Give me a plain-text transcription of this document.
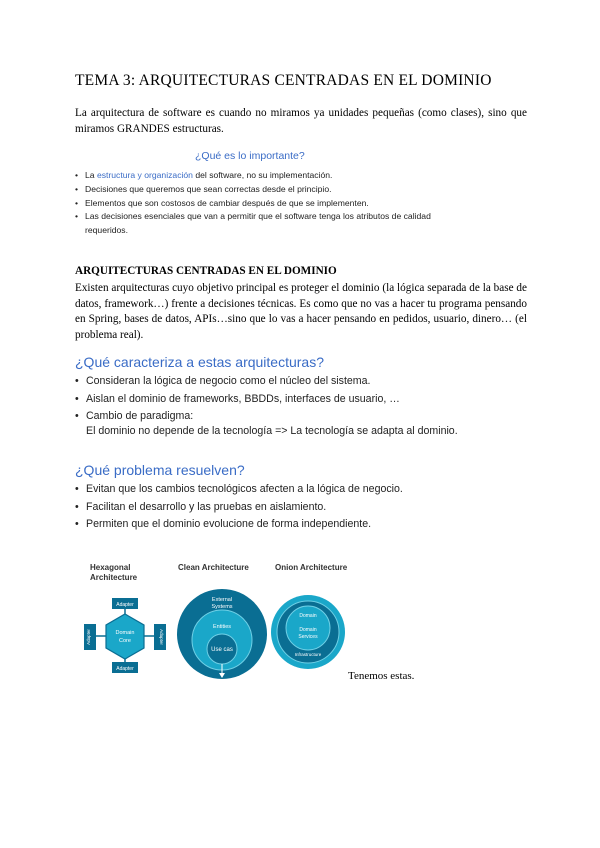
TEMA 3: ARQUITECTURAS CENTRADAS EN EL DOMINIO

La arquitectura de software es cuando no miramos ya unidades pequeñas (como clases), sino que miramos GRANDES estructuras.

¿Qué es lo importante?
• La estructura y organización del software, no su implementación.
• Decisiones que queremos que sean correctas desde el principio.
• Elementos que son costosos de cambiar después de que se implementen.
• Las decisiones esenciales que van a permitir que el software tenga los atributos de calidad requeridos.
ARQUITECTURAS CENTRADAS EN EL DOMINIO

Existen arquitecturas cuyo objetivo principal es proteger el dominio (la lógica separada de la base de datos, framework…) frente a decisiones técnicas. Es como que no vas a hacer tu programa pensando en Spring, bases de datos, APIs…sino que lo vas a hacer pensando en pedidos, usuario, dinero… (el problema real).

¿Qué caracteriza a estas arquitecturas?

• Consideran la lógica de negocio como el núcleo del sistema.
• Aislan el dominio de frameworks, BBDDs, interfaces de usuario, …
• Cambio de paradigma:
El dominio no depende de la tecnología => La tecnología se adapta al dominio.

¿Qué problema resuelven?

• Evitan que los cambios tecnológicos afecten a la lógica de negocio.
• Facilitan el desarrollo y las pruebas en aislamiento.
• Permiten que el dominio evolucione de forma independiente.
Hexagonal
Architecture
Clean Architecture	Onion Architecture
Adapter
Adapter
Adapter	Adapter
Domain
Core
External
Systems
Entities
Use cas
Domain
Domain
Services
Infrastructure
Tenemos estas.
